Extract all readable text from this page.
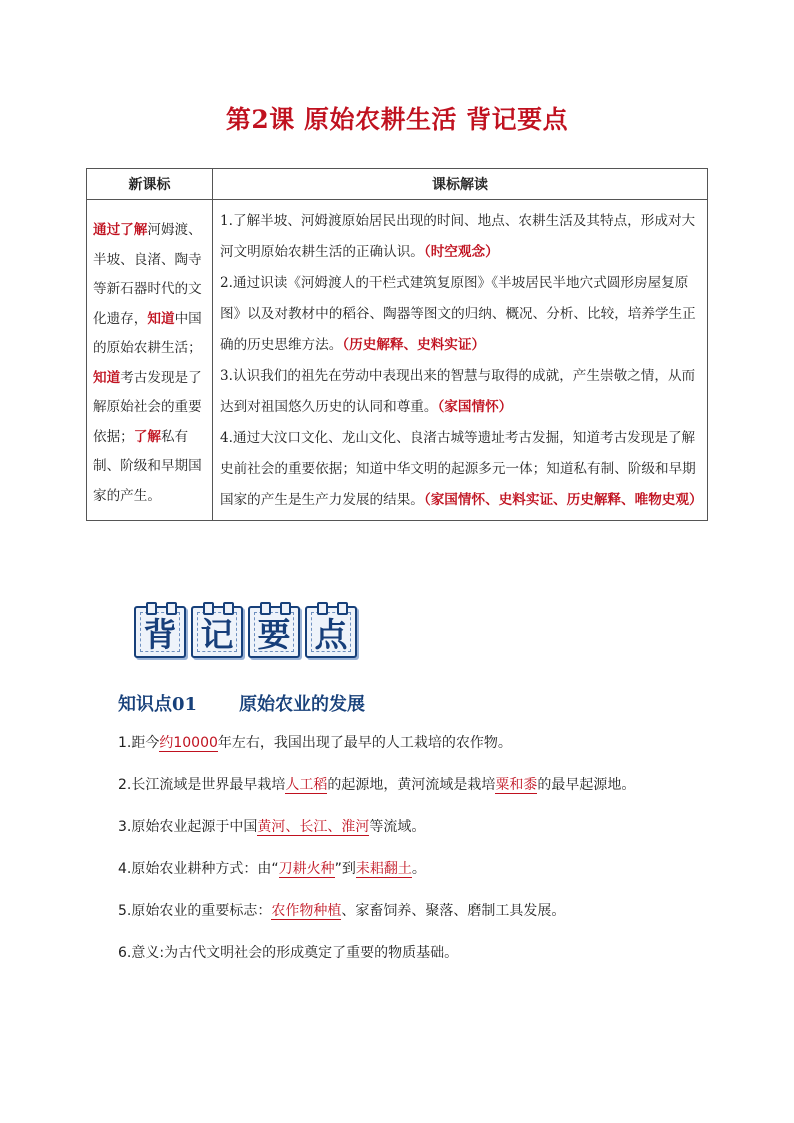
第2课 原始农耕生活 背记要点
新课标	课标解读
通过了解河姆渡、半坡、良渚、陶寺等新石器时代的文化遗存，知道中国的原始农耕生活；知道考古发现是了解原始社会的重要依据；了解私有制、阶级和早期国家的产生。	1.了解半坡、河姆渡原始居民出现的时间、地点、农耕生活及其特点，形成对大河文明原始农耕生活的正确认识。（时空观念）
2.通过识读《河姆渡人的干栏式建筑复原图》《半坡居民半地穴式圆形房屋复原图》以及对教材中的稻谷、陶器等图文的归纳、概况、分析、比较，培养学生正确的历史思维方法。（历史解释、史料实证）
3.认识我们的祖先在劳动中表现出来的智慧与取得的成就，产生崇敬之情，从而达到对祖国悠久历史的认同和尊重。（家国情怀）
4.通过大汶口文化、龙山文化、良渚古城等遗址考古发掘，知道考古发现是了解史前社会的重要依据；知道中华文明的起源多元一体；知道私有制、阶级和早期国家的产生是生产力发展的结果。（家国情怀、史料实证、历史解释、唯物史观）
背 记 要 点
知识点01 原始农业的发展
1.距今约10000年左右，我国出现了最早的人工栽培的农作物。
2.长江流域是世界最早栽培人工稻的起源地，黄河流域是栽培粟和黍的最早起源地。
3.原始农业起源于中国黄河、长江、淮河等流域。
4.原始农业耕种方式：由“刀耕火种”到耒耜翻土。
5.原始农业的重要标志：农作物种植、家畜饲养、聚落、磨制工具发展。
6.意义:为古代文明社会的形成奠定了重要的物质基础。
